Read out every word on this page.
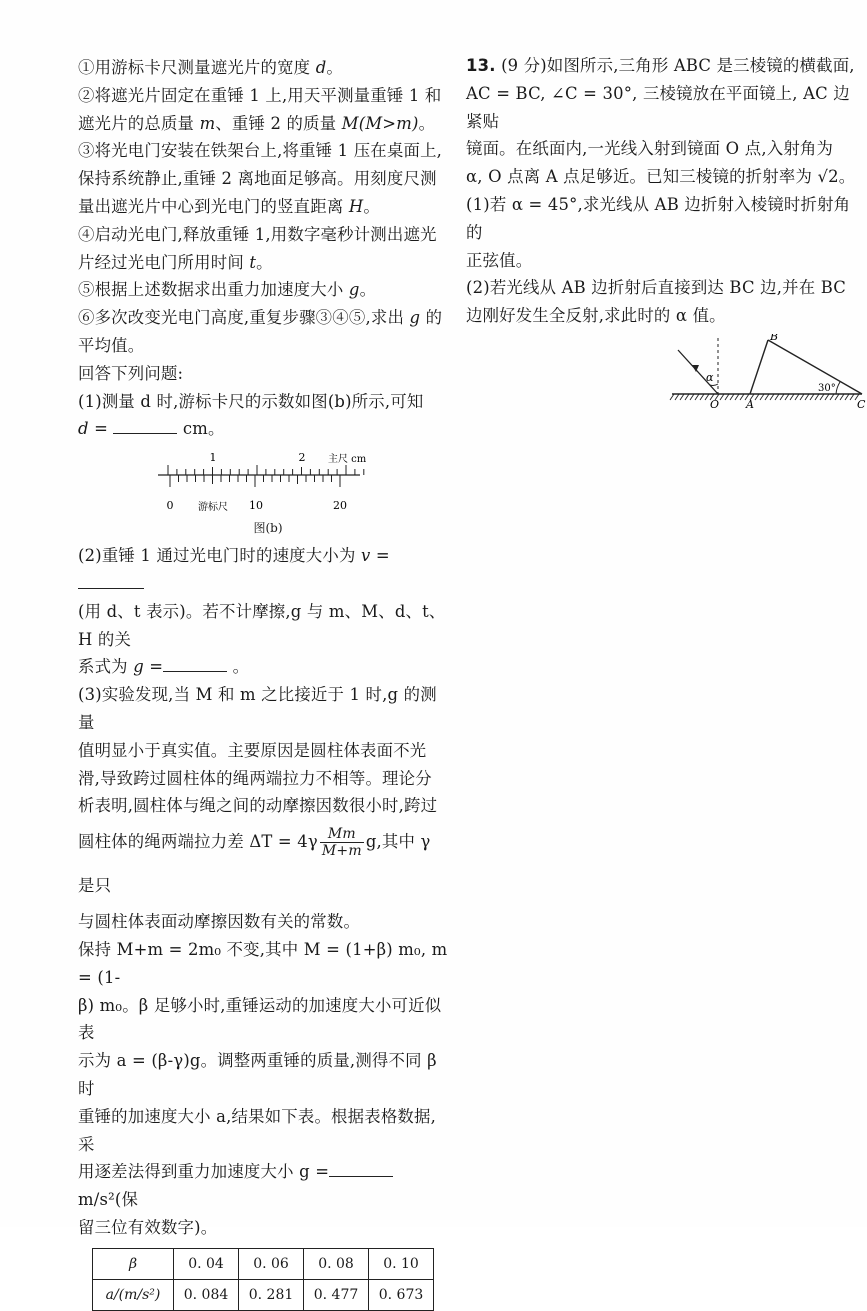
①用游标卡尺测量遮光片的宽度 d。

②将遮光片固定在重锤 1 上,用天平测量重锤 1 和

遮光片的总质量 m、重锤 2 的质量 M(M>m)。

③将光电门安装在铁架台上,将重锤 1 压在桌面上,

保持系统静止,重锤 2 离地面足够高。用刻度尺测

量出遮光片中心到光电门的竖直距离 H。

④启动光电门,释放重锤 1,用数字毫秒计测出遮光

片经过光电门所用时间 t。

⑤根据上述数据求出重力加速度大小 g。

⑥多次改变光电门高度,重复步骤③④⑤,求出 g 的

平均值。

回答下列问题:

(1)测量 d 时,游标卡尺的示数如图(b)所示,可知

d =	cm。

1	2 主尺 cm
0 游标尺 10	20
图(b)

(2)重锤 1 通过光电门时的速度大小为 v =

(用 d、t 表示)。若不计摩擦,g 与 m、M、d、t、H 的关

系式为 g =	。

(3)实验发现,当 M 和 m 之比接近于 1 时,g 的测量

值明显小于真实值。主要原因是圆柱体表面不光

滑,导致跨过圆柱体的绳两端拉力不相等。理论分

析表明,圆柱体与绳之间的动摩擦因数很小时,跨过

圆柱体的绳两端拉力差 $\Delta T = 4\gamma \frac{Mm}{M+m} g$,其中 γ 是只

与圆柱体表面动摩擦因数有关的常数。

保持 M+m = 2m₀ 不变,其中 M = (1+β) m₀, m = (1-

β) m₀。β 足够小时,重锤运动的加速度大小可近似表

示为 a = (β-γ)g。调整两重锤的质量,测得不同 β 时

重锤的加速度大小 a,结果如下表。根据表格数据,采

用逐差法得到重力加速度大小 g = m/s²(保

留三位有效数字)。

β	0. 04	0. 06	0. 08	0. 10
a/(m/s²)	0. 084	0. 281	0. 477	0. 673

13. (9 分)如图所示,三角形 ABC 是三棱镜的横截面,

AC = BC, ∠C = 30°, 三棱镜放在平面镜上, AC 边紧贴

镜面。在纸面内,一光线入射到镜面 O 点,入射角为

α, O 点离 A 点足够近。已知三棱镜的折射率为 √2。

(1)若 α = 45°,求光线从 AB 边折射入棱镜时折射角的

正弦值。

(2)若光线从 AB 边折射后直接到达 BC 边,并在 BC

边刚好发生全反射,求此时的 α 值。

α
B
A
O	C
30°
